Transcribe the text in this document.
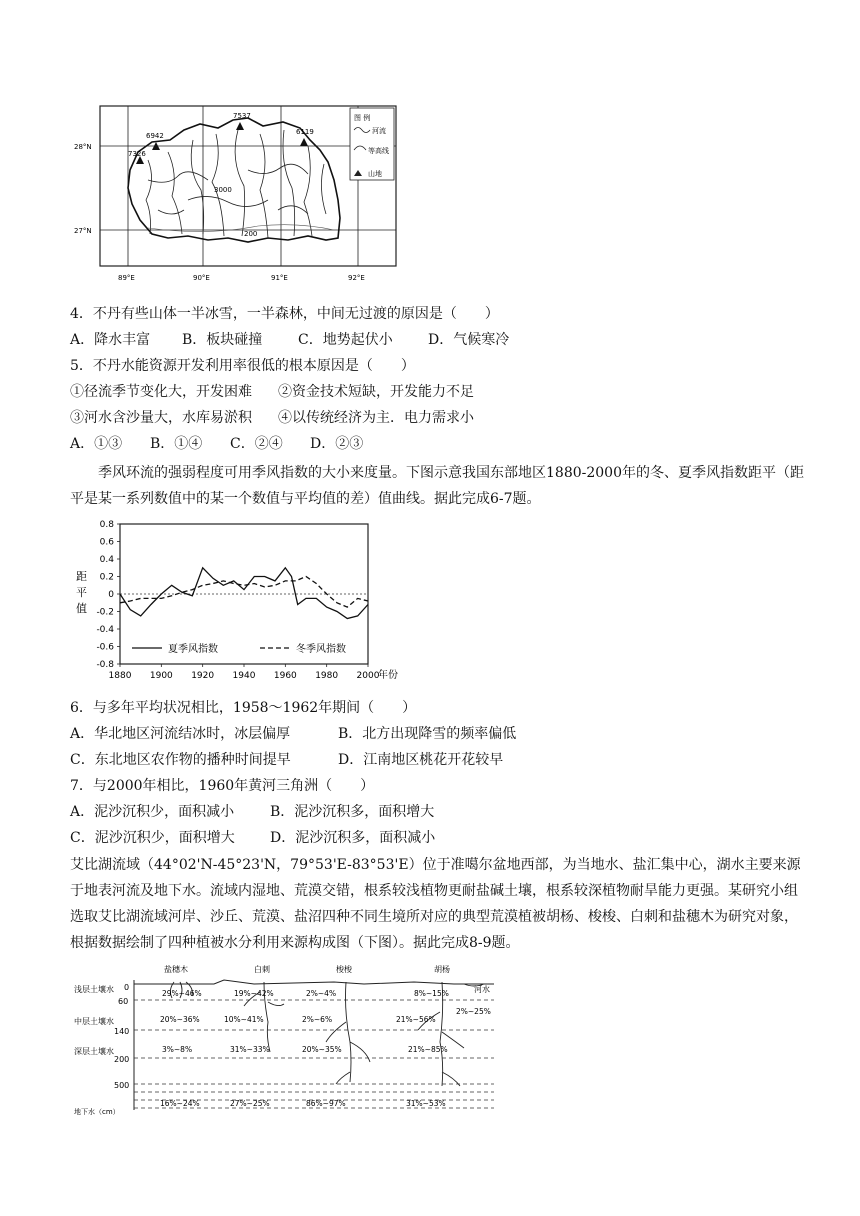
图 例
河流
等高线
山地
7537
6942
7326
6119
3000
200
28°N
27°N
89°E	90°E	91°E	92°E
4．不丹有些山体一半冰雪，一半森林，中间无过渡的原因是（　　）
A．降水丰富 B．板块碰撞	C．地势起伏小	D．气候寒冷
5．不丹水能资源开发利用率很低的根本原因是（　　）
①径流季节变化大，开发困难 ②资金技术短缺，开发能力不足
③河水含沙量大，水库易淤积 ④以传统经济为主．电力需求小
A．①③ B．①④ C．②④ D．②③
季风环流的强弱程度可用季风指数的大小来度量。下图示意我国东部地区1880-2000年的冬、夏季风指数距平（距平是某一系列数值中的某一个数值与平均值的差）值曲线。据此完成6-7题。
0.8
0.6
0.4
0.2
0
-0.2
-0.4
-0.6
-0.8
1880 1900 1920 1940 1960 1980 2000
年份
距
平
值
夏季风指数	冬季风指数
6．与多年平均状况相比，1958～1962年期间（　　）
A．华北地区河流结冰时，冰层偏厚	B．北方出现降雪的频率偏低
C．东北地区农作物的播种时间提早	D．江南地区桃花开花较早
7．与2000年相比，1960年黄河三角洲（　　）
A．泥沙沉积少，面积减小	B．泥沙沉积多，面积增大
C．泥沙沉积少，面积增大	D．泥沙沉积多，面积减小
艾比湖流域（44°02'N-45°23'N，79°53'E-83°53'E）位于准噶尔盆地西部，为当地水、盐汇集中心，湖水主要来源于地表河流及地下水。流域内湿地、荒漠交错，根系较浅植物更耐盐碱土壤，根系较深植物耐旱能力更强。某研究小组选取艾比湖流域河岸、沙丘、荒漠、盐沼四种不同生境所对应的典型荒漠植被胡杨、梭梭、白刺和盐穗木为研究对象，根据数据绘制了四种植被水分利用来源构成图（下图）。据此完成8-9题。
0
60
140
200
500
浅层土壤水
中层土壤水
深层土壤水
地下水（cm）
盐穗木	白刺	梭梭	胡杨
河水
29%~46%	19%~42%	2%~4%	8%~15%
20%~36%	10%~41%	2%~6%	21%~56%
2%~25%
3%~8%	31%~33%	20%~35%	21%~85%
16%~24%	27%~25%	86%~97%	31%~53%
